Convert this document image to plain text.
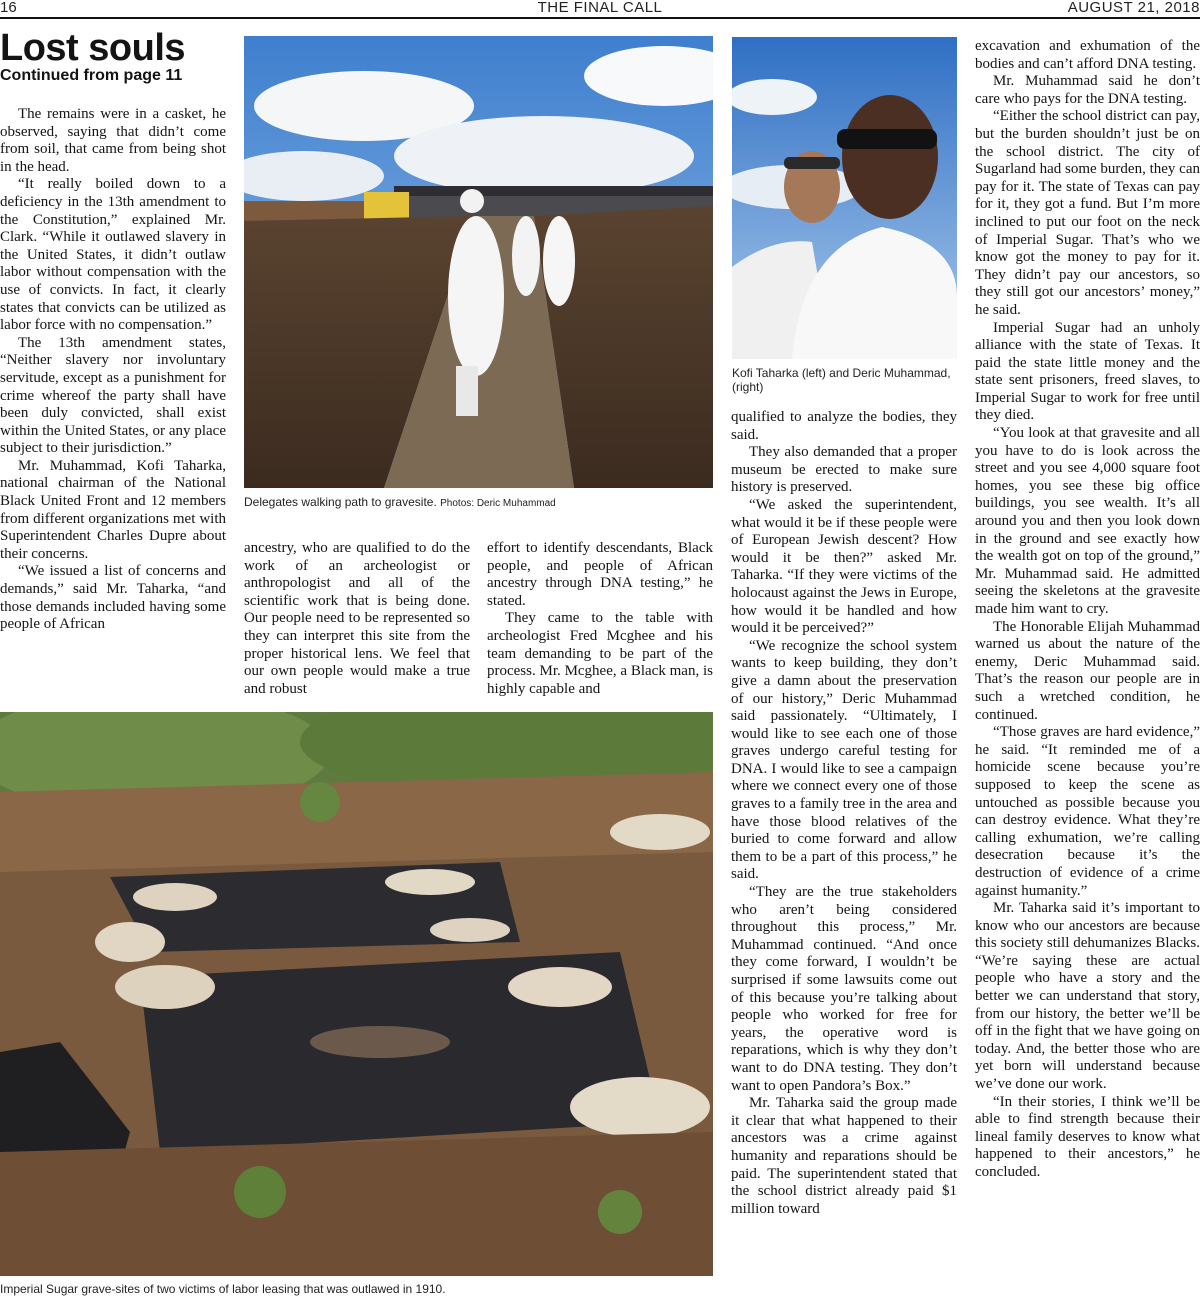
16	THE FINAL CALL	AUGUST 21, 2018
Lost souls
Continued from page 11

The remains were in a casket, he observed, saying that didn’t come from soil, that came from being shot in the head.

“It really boiled down to a deficiency in the 13th amendment to the Constitution,” explained Mr. Clark. “While it outlawed slavery in the United States, it didn’t outlaw labor without compensation with the use of convicts. In fact, it clearly states that convicts can be utilized as labor force with no compensation.”

The 13th amendment states, “Neither slavery nor involuntary servitude, except as a punishment for crime whereof the party shall have been duly convicted, shall exist within the United States, or any place subject to their jurisdiction.”

Mr. Muhammad, Kofi Taharka, national chairman of the National Black United Front and 12 members from different organizations met with Superintendent Charles Dupre about their concerns.

“We issued a list of concerns and demands,” said Mr. Taharka, “and those demands included having some people of African

Delegates walking path to gravesite. Photos: Deric Muhammad
Kofi Taharka (left) and Deric Muhammad, (right)

ancestry, who are qualified to do the work of an archeologist or anthropologist and all of the scientific work that is being done. Our people need to be represented so they can interpret this site from the proper historical lens. We feel that our own people would make a true and robust

effort to identify descendants, Black people, and people of African ancestry through DNA testing,” he stated.

They came to the table with archeologist Fred Mcghee and his team demanding to be part of the process. Mr. Mcghee, a Black man, is highly capable and

qualified to analyze the bodies, they said.

They also demanded that a proper museum be erected to make sure history is preserved.

“We asked the superintendent, what would it be if these people were of European Jewish descent? How would it be then?” asked Mr. Taharka. “If they were victims of the holocaust against the Jews in Europe, how would it be handled and how would it be perceived?”

“We recognize the school system wants to keep building, they don’t give a damn about the preservation of our history,” Deric Muhammad said passionately. “Ultimately, I would like to see each one of those graves undergo careful testing for DNA. I would like to see a campaign where we connect every one of those graves to a family tree in the area and have those blood relatives of the buried to come forward and allow them to be a part of this process,” he said.

“They are the true stakeholders who aren’t being considered throughout this process,” Mr. Muhammad continued. “And once they come forward, I wouldn’t be surprised if some lawsuits come out of this because you’re talking about people who worked for free for years, the operative word is reparations, which is why they don’t want to do DNA testing. They don’t want to open Pandora’s Box.”

Mr. Taharka said the group made it clear that what happened to their ancestors was a crime against humanity and reparations should be paid. The superintendent stated that the school district already paid $1 million toward

excavation and exhumation of the bodies and can’t afford DNA testing.

Mr. Muhammad said he don’t care who pays for the DNA testing.

“Either the school district can pay, but the burden shouldn’t just be on the school district. The city of Sugarland had some burden, they can pay for it. The state of Texas can pay for it, they got a fund. But I’m more inclined to put our foot on the neck of Imperial Sugar. That’s who we know got the money to pay for it. They didn’t pay our ancestors, so they still got our ancestors’ money,” he said.

Imperial Sugar had an unholy alliance with the state of Texas. It paid the state little money and the state sent prisoners, freed slaves, to Imperial Sugar to work for free until they died.

“You look at that gravesite and all you have to do is look across the street and you see 4,000 square foot homes, you see these big office buildings, you see wealth. It’s all around you and then you look down in the ground and see exactly how the wealth got on top of the ground,” Mr. Muhammad said. He admitted seeing the skeletons at the gravesite made him want to cry.

The Honorable Elijah Muhammad warned us about the nature of the enemy, Deric Muhammad said. That’s the reason our people are in such a wretched condition, he continued.

“Those graves are hard evidence,” he said. “It reminded me of a homicide scene because you’re supposed to keep the scene as untouched as possible because you can destroy evidence. What they’re calling exhumation, we’re calling desecration because it’s the destruction of evidence of a crime against humanity.”

Mr. Taharka said it’s important to know who our ancestors are because this society still dehumanizes Blacks. “We’re saying these are actual people who have a story and the better we can understand that story, from our history, the better we’ll be off in the fight that we have going on today. And, the better those who are yet born will understand because we’ve done our work.

“In their stories, I think we’ll be able to find strength because their lineal family deserves to know what happened to their ancestors,” he concluded.

Imperial Sugar grave-sites of two victims of labor leasing that was outlawed in 1910.
